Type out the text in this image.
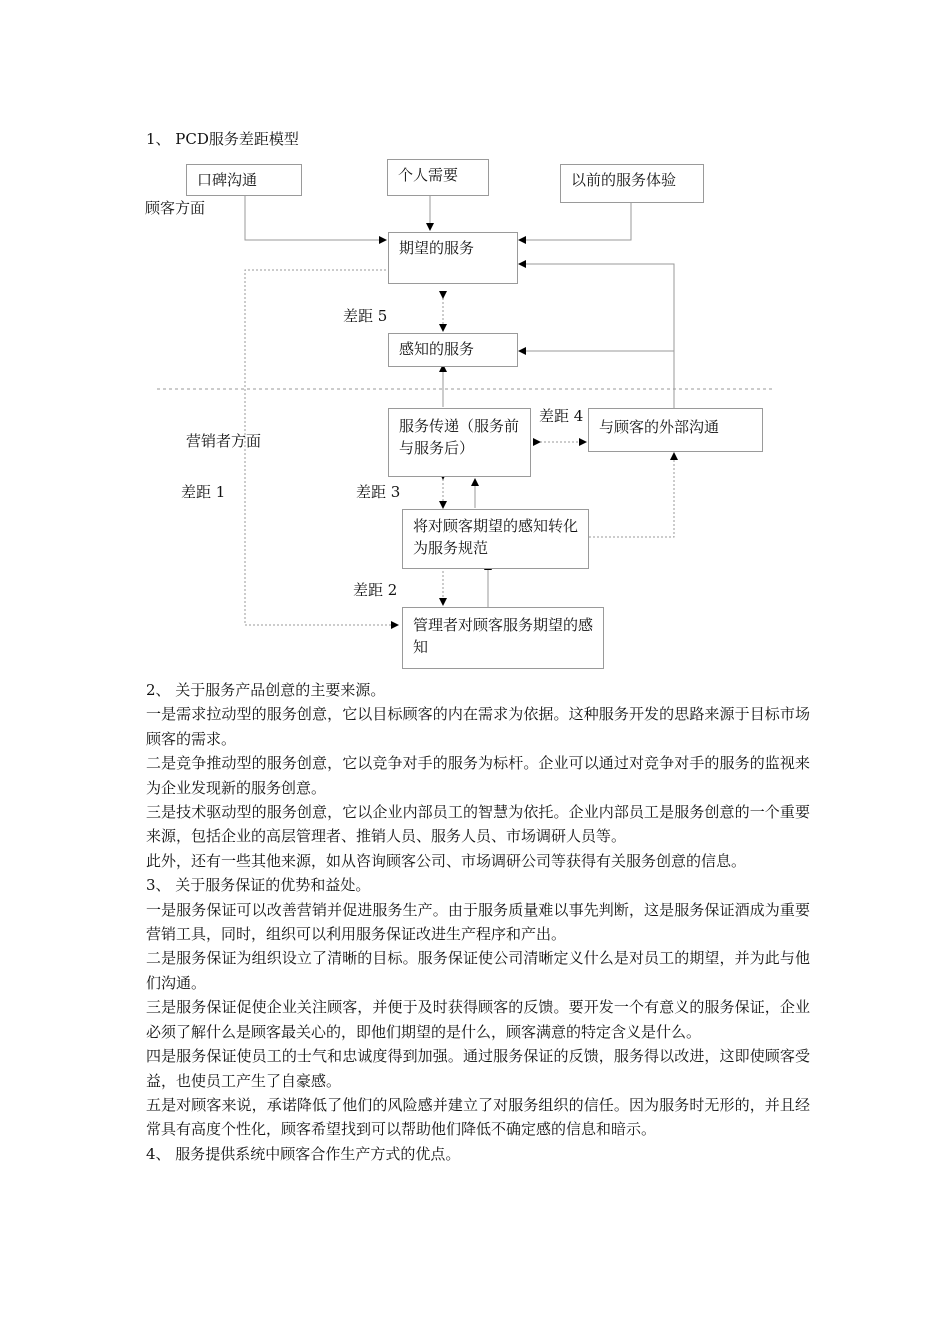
1、 PCD服务差距模型
顾客方面
营销者方面
口碑沟通	个人需要	以前的服务体验
期望的服务
感知的服务
服务传递（服务前与服务后）
与顾客的外部沟通
将对顾客期望的感知转化为服务规范
管理者对顾客服务期望的感知
差距 5
差距 4
差距 1	差距 3
差距 2

2、 关于服务产品创意的主要来源。

一是需求拉动型的服务创意，它以目标顾客的内在需求为依据。这种服务开发的思路来源于目标市场顾客的需求。

二是竞争推动型的服务创意，它以竞争对手的服务为标杆。企业可以通过对竞争对手的服务的监视来为企业发现新的服务创意。

三是技术驱动型的服务创意，它以企业内部员工的智慧为依托。企业内部员工是服务创意的一个重要来源，包括企业的高层管理者、推销人员、服务人员、市场调研人员等。

此外，还有一些其他来源，如从咨询顾客公司、市场调研公司等获得有关服务创意的信息。

3、 关于服务保证的优势和益处。

一是服务保证可以改善营销并促进服务生产。由于服务质量难以事先判断，这是服务保证酒成为重要营销工具，同时，组织可以利用服务保证改进生产程序和产出。

二是服务保证为组织设立了清晰的目标。服务保证使公司清晰定义什么是对员工的期望，并为此与他们沟通。

三是服务保证促使企业关注顾客，并便于及时获得顾客的反馈。要开发一个有意义的服务保证，企业必须了解什么是顾客最关心的，即他们期望的是什么，顾客满意的特定含义是什么。

四是服务保证使员工的士气和忠诚度得到加强。通过服务保证的反馈，服务得以改进，这即使顾客受益，也使员工产生了自豪感。

五是对顾客来说，承诺降低了他们的风险感并建立了对服务组织的信任。因为服务时无形的，并且经常具有高度个性化，顾客希望找到可以帮助他们降低不确定感的信息和暗示。

4、 服务提供系统中顾客合作生产方式的优点。
